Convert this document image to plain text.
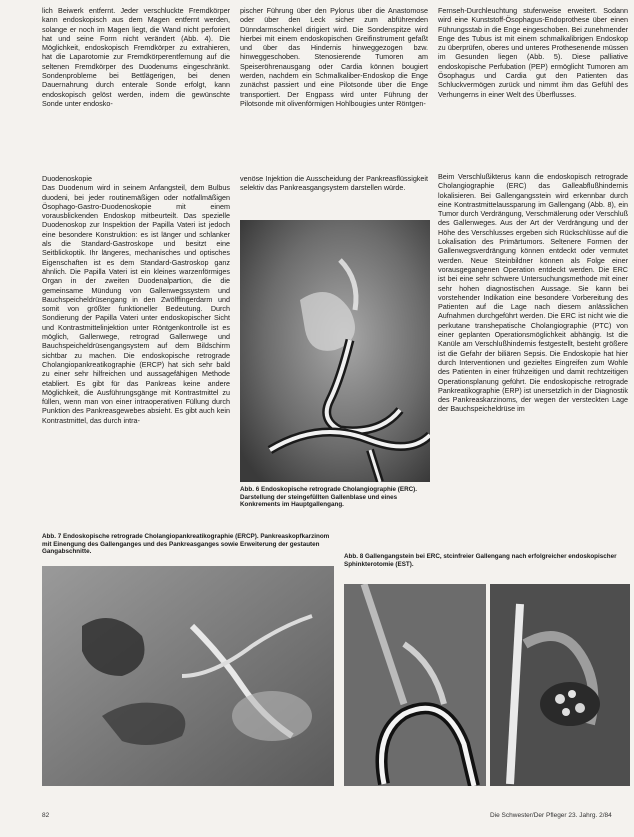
lich Beiwerk entfernt. Jeder verschluckte Fremdkörper kann endoskopisch aus dem Magen entfernt werden, solange er noch im Magen liegt, die Wand nicht perforiert hat und seine Form nicht verändert (Abb. 4). Die Möglichkeit, endoskopisch Fremdkörper zu extrahieren, hat die Laparotomie zur Fremdkörperentfernung auf die seltenen Fremdkörper des Duodenums eingeschränkt. Sondenprobleme bei Bettlägerigen, bei denen Dauernahrung durch enterale Sonde erfolgt, kann endoskopisch gelöst werden, indem die gewünschte Sonde unter endosko-

pischer Führung über den Pylorus über die Anastomose oder über den Leck sicher zum abführenden Dünndarmschenkel dirigiert wird. Die Sondenspitze wird hierbei mit einem endoskopischen Greifinstrument gefaßt und über das Hindernis hinweggezogen bzw. hinweggeschoben. Stenosierende Tumoren am Speiseröhrenausgang oder Cardia können bougiert werden, nachdem ein Schmalkaliber-Endoskop die Enge zunächst passiert und eine Pilotsonde über die Enge transportiert. Der Engpass wird unter Führung der Pilotsonde mit olivenförmigen Hohlbougies unter Röntgen-

Fernseh-Durchleuchtung stufenweise erweitert. Sodann wird eine Kunststoff-Ösophagus-Endoprothese über einen Führungsstab in die Enge eingeschoben. Bei zunehmender Enge des Tubus ist mit einem schmalkalibrigen Endoskop zu überprüfen, oberes und unteres Prothesenende müssen im Gesunden liegen (Abb. 5). Diese palliative endoskopische Perfubation (PEP) ermöglicht Tumoren am Ösophagus und Cardia gut den Patienten das Schluckvermögen zurück und nimmt ihm das Gefühl des Verhungerns in einer Welt des Überflusses.

Duodenoskopie

Das Duodenum wird in seinem Anfangsteil, dem Bulbus duodeni, bei jeder routinemäßigen oder notfallmäßigen Ösophago-Gastro-Duodenoskopie mit einem vorausblickenden Endoskop mitbeurteilt. Das spezielle Duodenoskop zur Inspektion der Papilla Vateri ist jedoch eine besondere Konstruktion: es ist länger und schlanker als die Standard-Gastroskope und besitzt eine Seitblickoptik. Ihr längeres, mechanisches und optisches Eigenschaften ist es dem Standard-Gastroskop ganz ähnlich. Die Papilla Vateri ist ein kleines warzenförmiges Organ in der zweiten Duodenalpartion, die die gemeinsame Mündung von Gallenwegssystem und Bauchspeicheldrüsengang in den Zwölffingerdarm und somit von größter funktioneller Bedeutung. Durch Sondierung der Papilla Vateri unter endoskopischer Sicht und Kontrastmittelinjektion unter Röntgenkontrolle ist es möglich, Gallenwege, retrograd Gallenwege und Bauchspeicheldrüsengangsystem auf dem Bildschirm sichtbar zu machen. Die endoskopische retrograde Cholangiopankreatikographie (ERCP) hat sich sehr bald zu einer sehr hilfreichen und aussagefähigen Methode etabliert. Es gibt für das Pankreas keine andere Möglichkeit, die Ausführungsgänge mit Kontrastmittel zu füllen, wenn man von einer intraoperativen Füllung durch Punktion des Pankreasgewebes absieht. Es gibt auch kein Kontrastmittel, das durch intra-

venöse Injektion die Ausscheidung der Pankreasflüssigkeit selektiv das Pankreasgangsystem darstellen würde.

Beim Verschlußikterus kann die endoskopisch retrograde Cholangiographie (ERC) das Galleabflußhindernis lokalisieren. Bei Gallengangsstein wird erkennbar durch eine Kontrastmittelaussparung im Gallengang (Abb. 8), ein Tumor durch Verdrängung, Verschmälerung oder Verschluß des Gallenweges. Aus der Art der Verdrängung und der Höhe des Verschlusses ergeben sich Rückschlüsse auf die Lokalisation des Primärtumors. Seltenere Formen der Gallenwegsverdrängung können entdeckt oder vermutet werden. Neue Steinbildner können als Folge einer vorausgegangenen Operation entdeckt werden. Die ERC ist bei eine sehr schwere Untersuchungsmethode mit einer sehr hohen diagnostischen Aussage. Sie kann bei vorstehender Indikation eine besondere Vorbereitung des Patienten auf die Lage nach diesem anlässlichen Aufnahmen durchgeführt werden. Die ERC ist nicht wie die perkutane transhepatische Cholangiographie (PTC) von einer geplanten Operationsmöglichkeit abhängig. Ist die Kanüle am Verschlußhindernis festgestellt, besteht größere ist die Gefahr der biliären Sepsis. Die Endoskopie hat hier durch Interventionen und gezieltes Eingreifen zum Wohle des Patienten in einer frühzeitigen und damit rechtzeitigen Operationsplanung geführt. Die endoskopische retrograde Pankreatikographie (ERP) ist unersetzlich in der Diagnostik des Pankreaskarzinoms, der wegen der versteckten Lage der Bauchspeicheldrüse im

Abb. 6 Endoskopische retrograde Cholangiographie (ERC). Darstellung der steingefüllten Gallenblase und eines Konkrements im Hauptgallengang.
Abb. 7 Endoskopische retrograde Cholangiopankreatikographie (ERCP). Pankreaskopfkarzinom mit Einengung des Gallenganges und des Pankreasganges sowie Erweiterung der gestauten Gangabschnitte.
Abb. 8 Gallengangstein bei ERC, stcinfreier Gallengang nach erfolgreicher endoskopischer Sphinkterotomie (EST).
82	Die Schwester/Der Pfleger 23. Jahrg. 2/84
